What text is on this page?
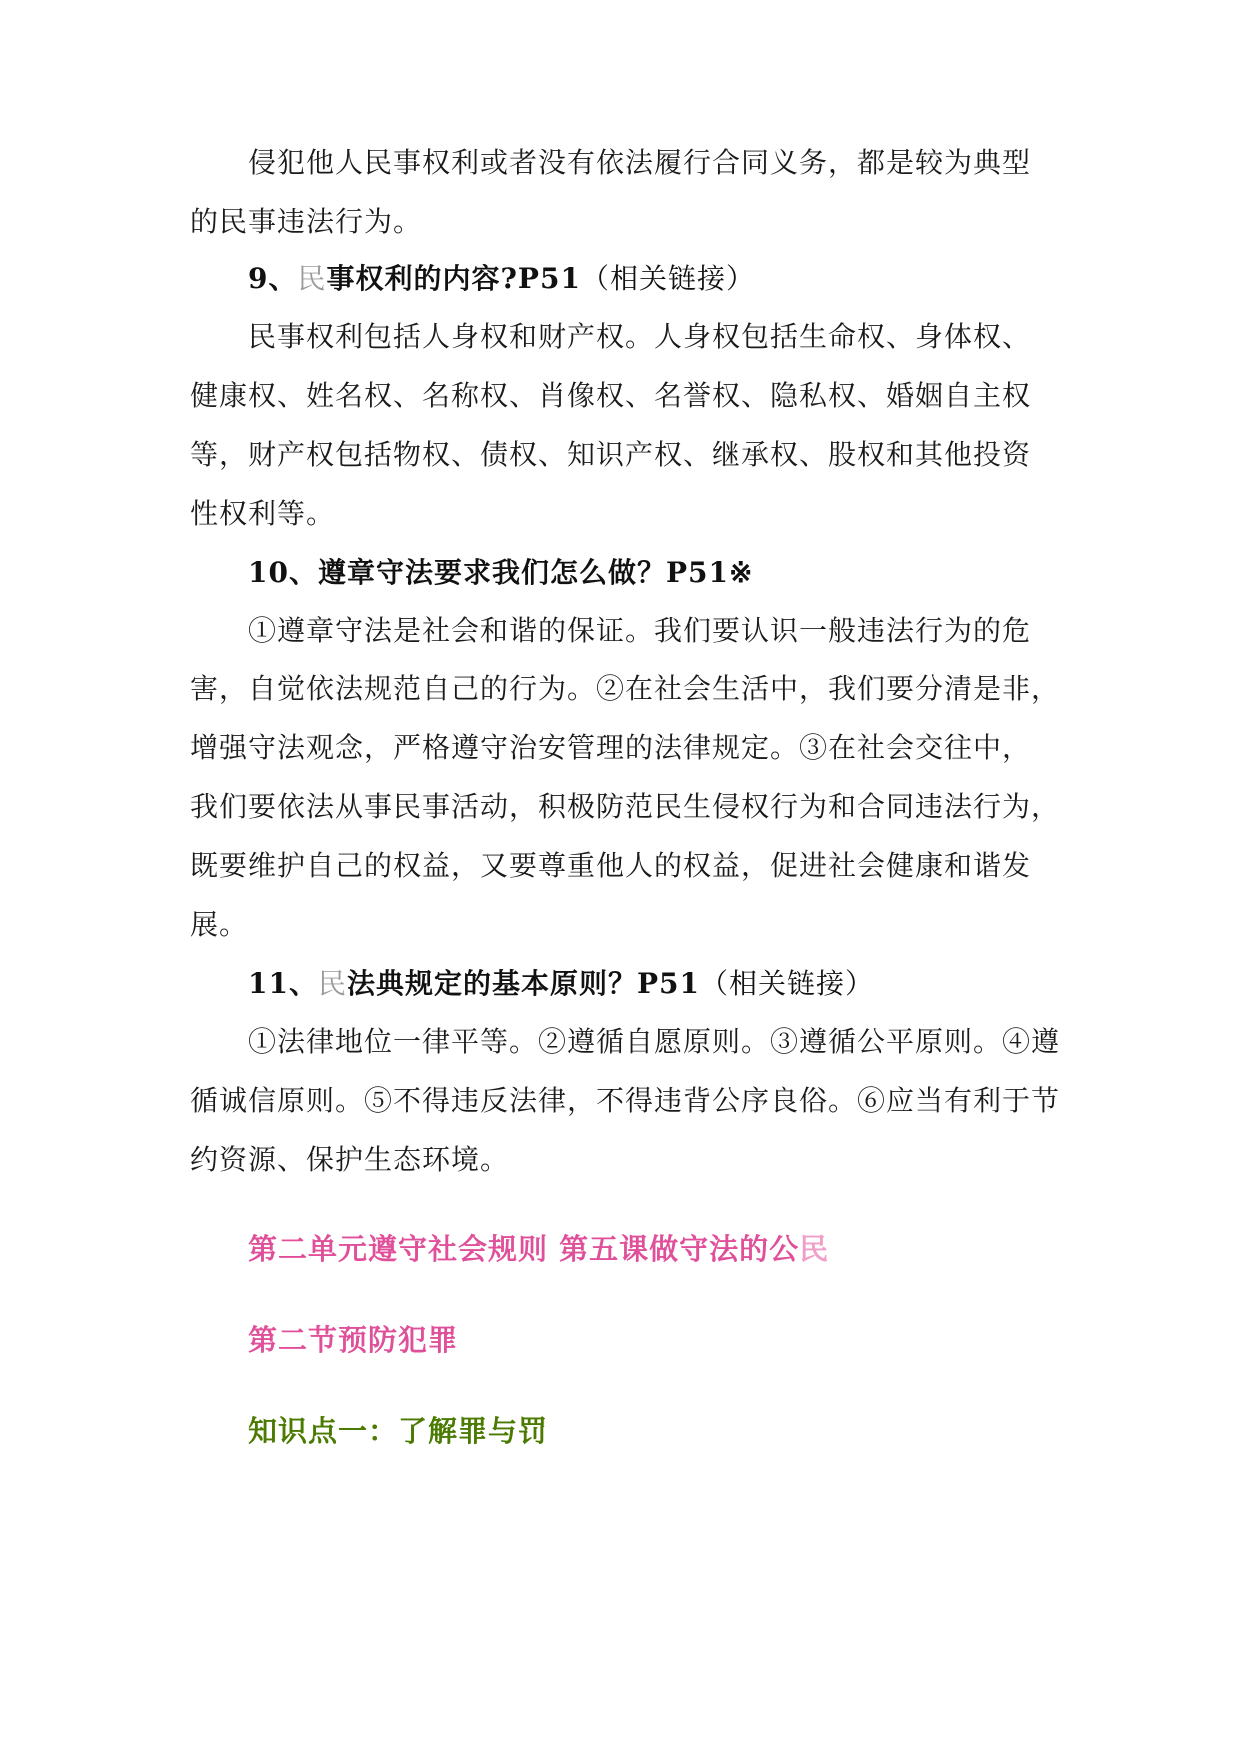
侵犯他人民事权利或者没有依法履行合同义务，都是较为典型
的民事违法行为。
9、民事权利的内容?P51（相关链接）
民事权利包括人身权和财产权。人身权包括生命权、身体权、
健康权、姓名权、名称权、肖像权、名誉权、隐私权、婚姻自主权
等，财产权包括物权、债权、知识产权、继承权、股权和其他投资
性权利等。
10、遵章守法要求我们怎么做？P51※
①遵章守法是社会和谐的保证。我们要认识一般违法行为的危
害，自觉依法规范自己的行为。②在社会生活中，我们要分清是非，
增强守法观念，严格遵守治安管理的法律规定。③在社会交往中，
我们要依法从事民事活动，积极防范民生侵权行为和合同违法行为，
既要维护自己的权益，又要尊重他人的权益，促进社会健康和谐发
展。
11、民法典规定的基本原则？P51（相关链接）
①法律地位一律平等。②遵循自愿原则。③遵循公平原则。④遵
循诚信原则。⑤不得违反法律，不得违背公序良俗。⑥应当有利于节
约资源、保护生态环境。
第二单元遵守社会规则 第五课做守法的公民
第二节预防犯罪
知识点一：了解罪与罚
